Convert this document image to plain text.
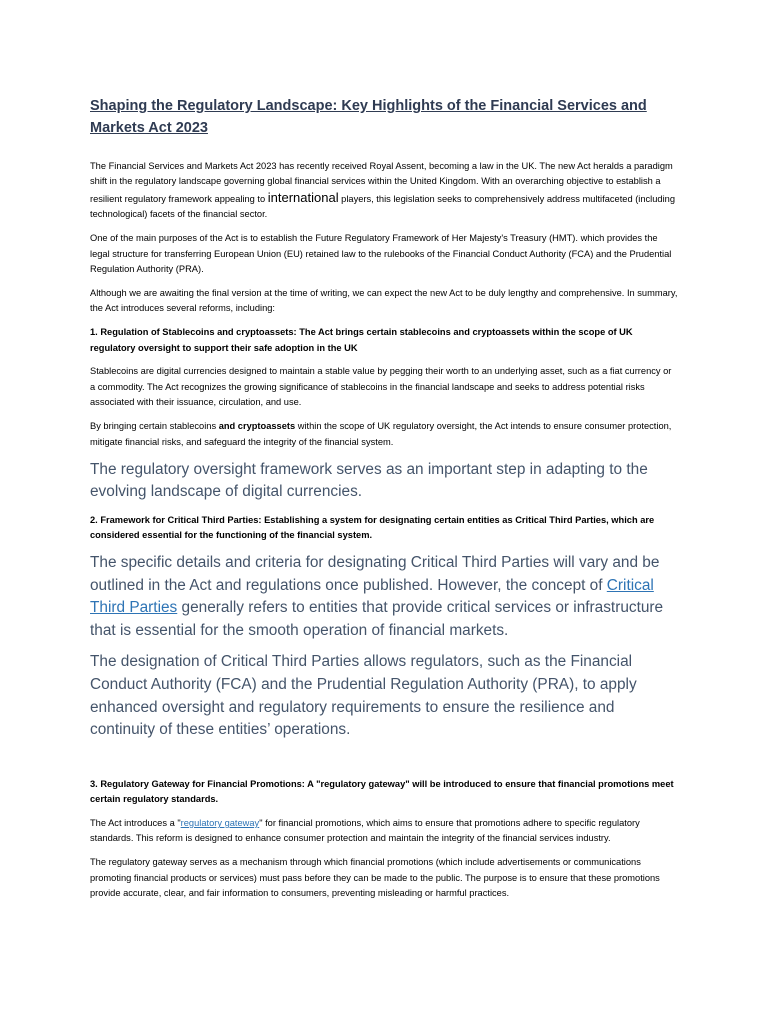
Shaping the Regulatory Landscape: Key Highlights of the Financial Services and Markets Act 2023

The Financial Services and Markets Act 2023 has recently received Royal Assent, becoming a law in the UK. The new Act heralds a paradigm shift in the regulatory landscape governing global financial services within the United Kingdom. With an overarching objective to establish a resilient regulatory framework appealing to international players, this legislation seeks to comprehensively address multifaceted (including technological) facets of the financial sector.

One of the main purposes of the Act is to establish the Future Regulatory Framework of Her Majesty's Treasury (HMT). which provides the legal structure for transferring European Union (EU) retained law to the rulebooks of the Financial Conduct Authority (FCA) and the Prudential Regulation Authority (PRA).

Although we are awaiting the final version at the time of writing, we can expect the new Act to be duly lengthy and comprehensive. In summary, the Act introduces several reforms, including:

1. Regulation of Stablecoins and cryptoassets: The Act brings certain stablecoins and cryptoassets within the scope of UK regulatory oversight to support their safe adoption in the UK

Stablecoins are digital currencies designed to maintain a stable value by pegging their worth to an underlying asset, such as a fiat currency or a commodity. The Act recognizes the growing significance of stablecoins in the financial landscape and seeks to address potential risks associated with their issuance, circulation, and use.

By bringing certain stablecoins and cryptoassets within the scope of UK regulatory oversight, the Act intends to ensure consumer protection, mitigate financial risks, and safeguard the integrity of the financial system.

The regulatory oversight framework serves as an important step in adapting to the evolving landscape of digital currencies.

2. Framework for Critical Third Parties: Establishing a system for designating certain entities as Critical Third Parties, which are considered essential for the functioning of the financial system.

The specific details and criteria for designating Critical Third Parties will vary and be outlined in the Act and regulations once published. However, the concept of Critical Third Parties generally refers to entities that provide critical services or infrastructure that is essential for the smooth operation of financial markets.

The designation of Critical Third Parties allows regulators, such as the Financial Conduct Authority (FCA) and the Prudential Regulation Authority (PRA), to apply enhanced oversight and regulatory requirements to ensure the resilience and continuity of these entities’ operations.

3. Regulatory Gateway for Financial Promotions: A "regulatory gateway" will be introduced to ensure that financial promotions meet certain regulatory standards.

The Act introduces a "regulatory gateway" for financial promotions, which aims to ensure that promotions adhere to specific regulatory standards. This reform is designed to enhance consumer protection and maintain the integrity of the financial services industry.

The regulatory gateway serves as a mechanism through which financial promotions (which include advertisements or communications promoting financial products or services) must pass before they can be made to the public. The purpose is to ensure that these promotions provide accurate, clear, and fair information to consumers, preventing misleading or harmful practices.
